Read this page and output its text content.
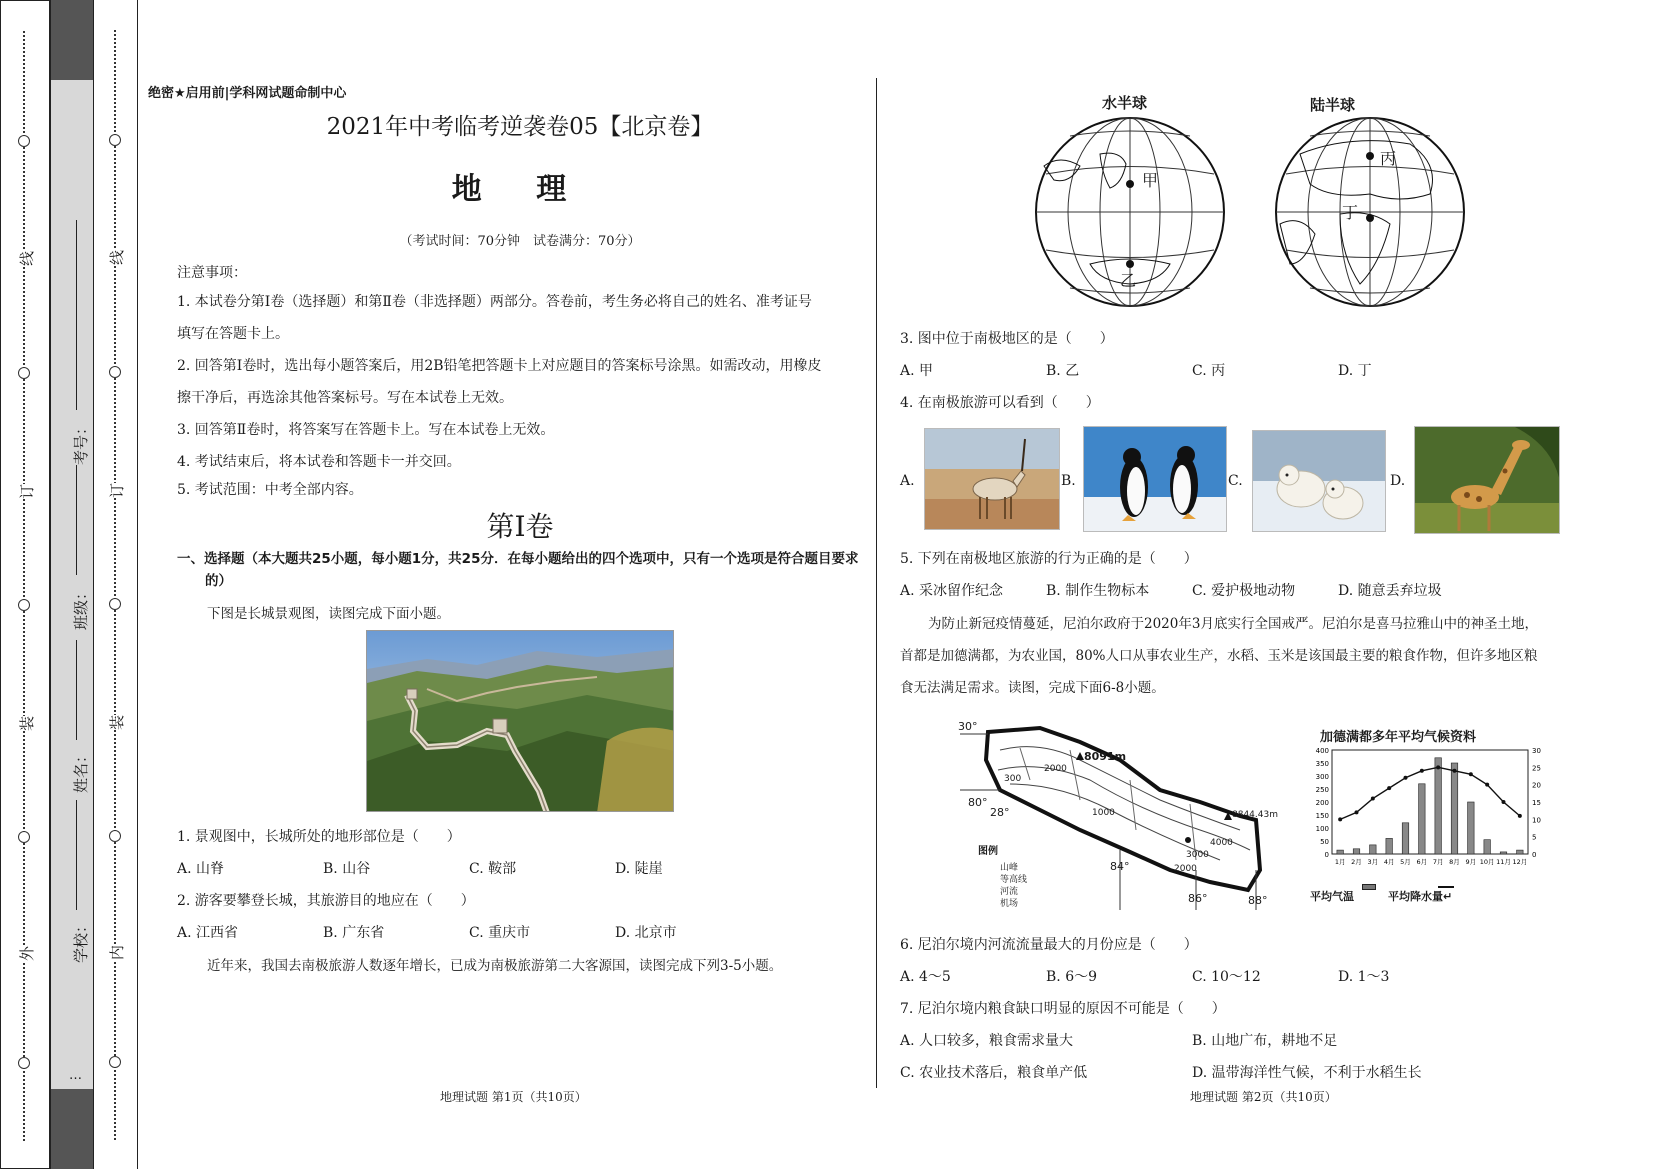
线
订
装
外
…
线
订
装
内
考号：
班级：
姓名：
学校：
绝密★启用前|学科网试题命制中心
2021年中考临考逆袭卷05【北京卷】
地 理
（考试时间：70分钟　试卷满分：70分）
注意事项：
1. 本试卷分第Ⅰ卷（选择题）和第Ⅱ卷（非选择题）两部分。答卷前，考生务必将自己的姓名、准考证号
填写在答题卡上。
2. 回答第Ⅰ卷时，选出每小题答案后，用2B铅笔把答题卡上对应题目的答案标号涂黑。如需改动，用橡皮
擦干净后，再选涂其他答案标号。写在本试卷上无效。
3. 回答第Ⅱ卷时，将答案写在答题卡上。写在本试卷上无效。
4. 考试结束后，将本试卷和答题卡一并交回。
5. 考试范围：中考全部内容。
第Ⅰ卷
一、选择题（本大题共25小题，每小题1分，共25分．在每小题给出的四个选项中，只有一个选项是符合题目要求的）
下图是长城景观图，读图完成下面小题。
1. 景观图中，长城所处的地形部位是（　　）
A. 山脊	B. 山谷	C. 鞍部	D. 陡崖
2. 游客要攀登长城，其旅游目的地应在（　　）
A. 江西省	B. 广东省	C. 重庆市	D. 北京市
近年来，我国去南极旅游人数逐年增长，已成为南极旅游第二大客源国，读图完成下列3-5小题。
地理试题 第1页（共10页）
水半球	陆半球
甲
乙
丙
丁
3. 图中位于南极地区的是（　　）
A. 甲	B. 乙	C. 丙	D. 丁
4. 在南极旅游可以看到（　　）
A.	B.	C.	D.
5. 下列在南极地区旅游的行为正确的是（　　）
A. 采冰留作纪念	B. 制作生物标本	C. 爱护极地动物	D. 随意丢弃垃圾
为防止新冠疫情蔓延，尼泊尔政府于2020年3月底实行全国戒严。尼泊尔是喜马拉雅山中的神圣土地，
首都是加德满都，为农业国，80%人口从事农业生产，水稻、玉米是该国最主要的粮食作物，但许多地区粮
食无法满足需求。读图，完成下面6-8小题。
30°
28°
80°
84°
86°	88°
8091m
8844.43m
300
2000
1000
4000
3000
2000
图例
山峰
等高线
河流
机场
加德满都多年平均气候资料
400
350
300
250
200
150
100
50
0
30
25
20
15
10
5
0
1月 2月 3月 4月 5月 6月 7月 8月 9月 10月 11月 12月
平均气温	平均降水量↵
6. 尼泊尔境内河流流量最大的月份应是（　　）
A. 4～5	B. 6～9	C. 10～12	D. 1～3
7. 尼泊尔境内粮食缺口明显的原因不可能是（　　）
A. 人口较多，粮食需求量大	B. 山地广布，耕地不足
C. 农业技术落后，粮食单产低	D. 温带海洋性气候，不利于水稻生长
地理试题 第2页（共10页）
